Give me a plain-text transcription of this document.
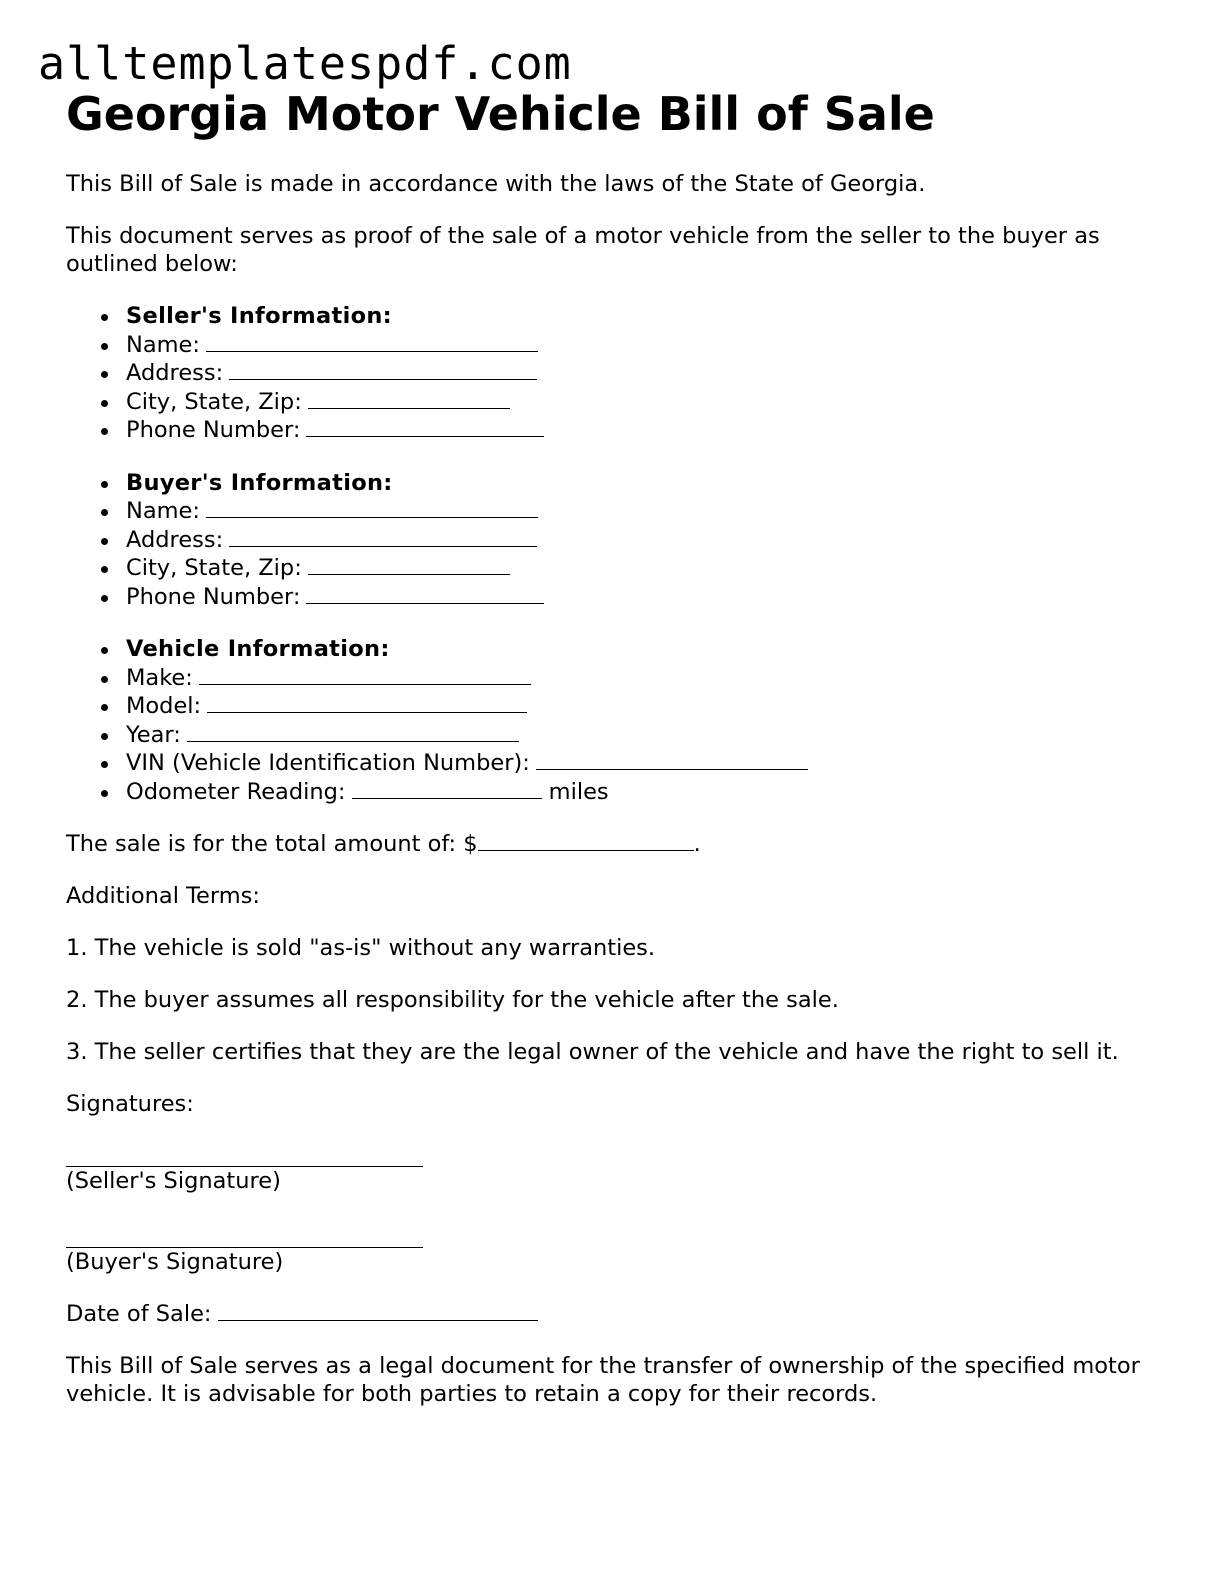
alltemplatespdf.com
Georgia Motor Vehicle Bill of Sale

This Bill of Sale is made in accordance with the laws of the State of Georgia.

This document serves as proof of the sale of a motor vehicle from the seller to the buyer as outlined below:

Seller's Information:
Name:
Address:
City, State, Zip:
Phone Number:
Buyer's Information:
Name:
Address:
City, State, Zip:
Phone Number:
Vehicle Information:
Make:
Model:
Year:
VIN (Vehicle Identification Number):
Odometer Reading:	miles

The sale is for the total amount of: $	.

Additional Terms:

1. The vehicle is sold "as-is" without any warranties.

2. The buyer assumes all responsibility for the vehicle after the sale.

3. The seller certifies that they are the legal owner of the vehicle and have the right to sell it.

Signatures:

(Seller's Signature)
(Buyer's Signature)

Date of Sale:

This Bill of Sale serves as a legal document for the transfer of ownership of the specified motor vehicle. It is advisable for both parties to retain a copy for their records.
